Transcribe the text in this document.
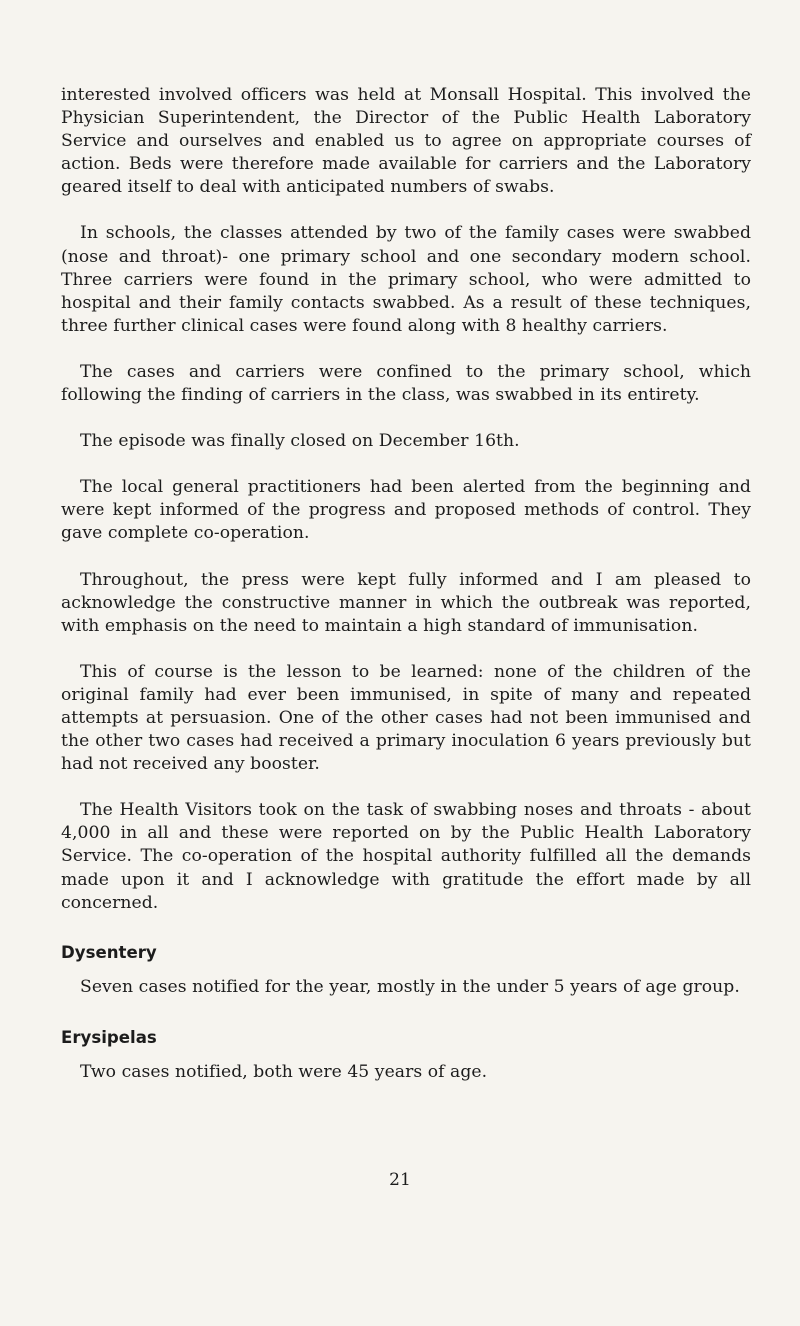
interested involved officers was held at Monsall Hospital. This involved the Physician Superintendent, the Director of the Public Health Laboratory Service and ourselves and enabled us to agree on appropriate courses of action. Beds were therefore made available for carriers and the Laboratory geared itself to deal with anticipated numbers of swabs.

In schools, the classes attended by two of the family cases were swabbed (nose and throat)- one primary school and one secondary modern school. Three carriers were found in the primary school, who were admitted to hospital and their family contacts swabbed. As a result of these techniques, three further clinical cases were found along with 8 healthy carriers.

The cases and carriers were confined to the primary school, which following the finding of carriers in the class, was swabbed in its entirety.

The episode was finally closed on December 16th.

The local general practitioners had been alerted from the beginning and were kept informed of the progress and proposed methods of control. They gave complete co-operation.

Throughout, the press were kept fully informed and I am pleased to acknowledge the constructive manner in which the outbreak was reported, with emphasis on the need to maintain a high standard of immunisation.

This of course is the lesson to be learned: none of the children of the original family had ever been immunised, in spite of many and repeated attempts at persuasion. One of the other cases had not been immunised and the other two cases had received a primary inoculation 6 years previously but had not received any booster.

The Health Visitors took on the task of swabbing noses and throats - about 4,000 in all and these were reported on by the Public Health Laboratory Service. The co-operation of the hospital authority fulfilled all the demands made upon it and I acknowledge with gratitude the effort made by all concerned.

Dysentery

Seven cases notified for the year, mostly in the under 5 years of age group.

Erysipelas

Two cases notified, both were 45 years of age.

21
